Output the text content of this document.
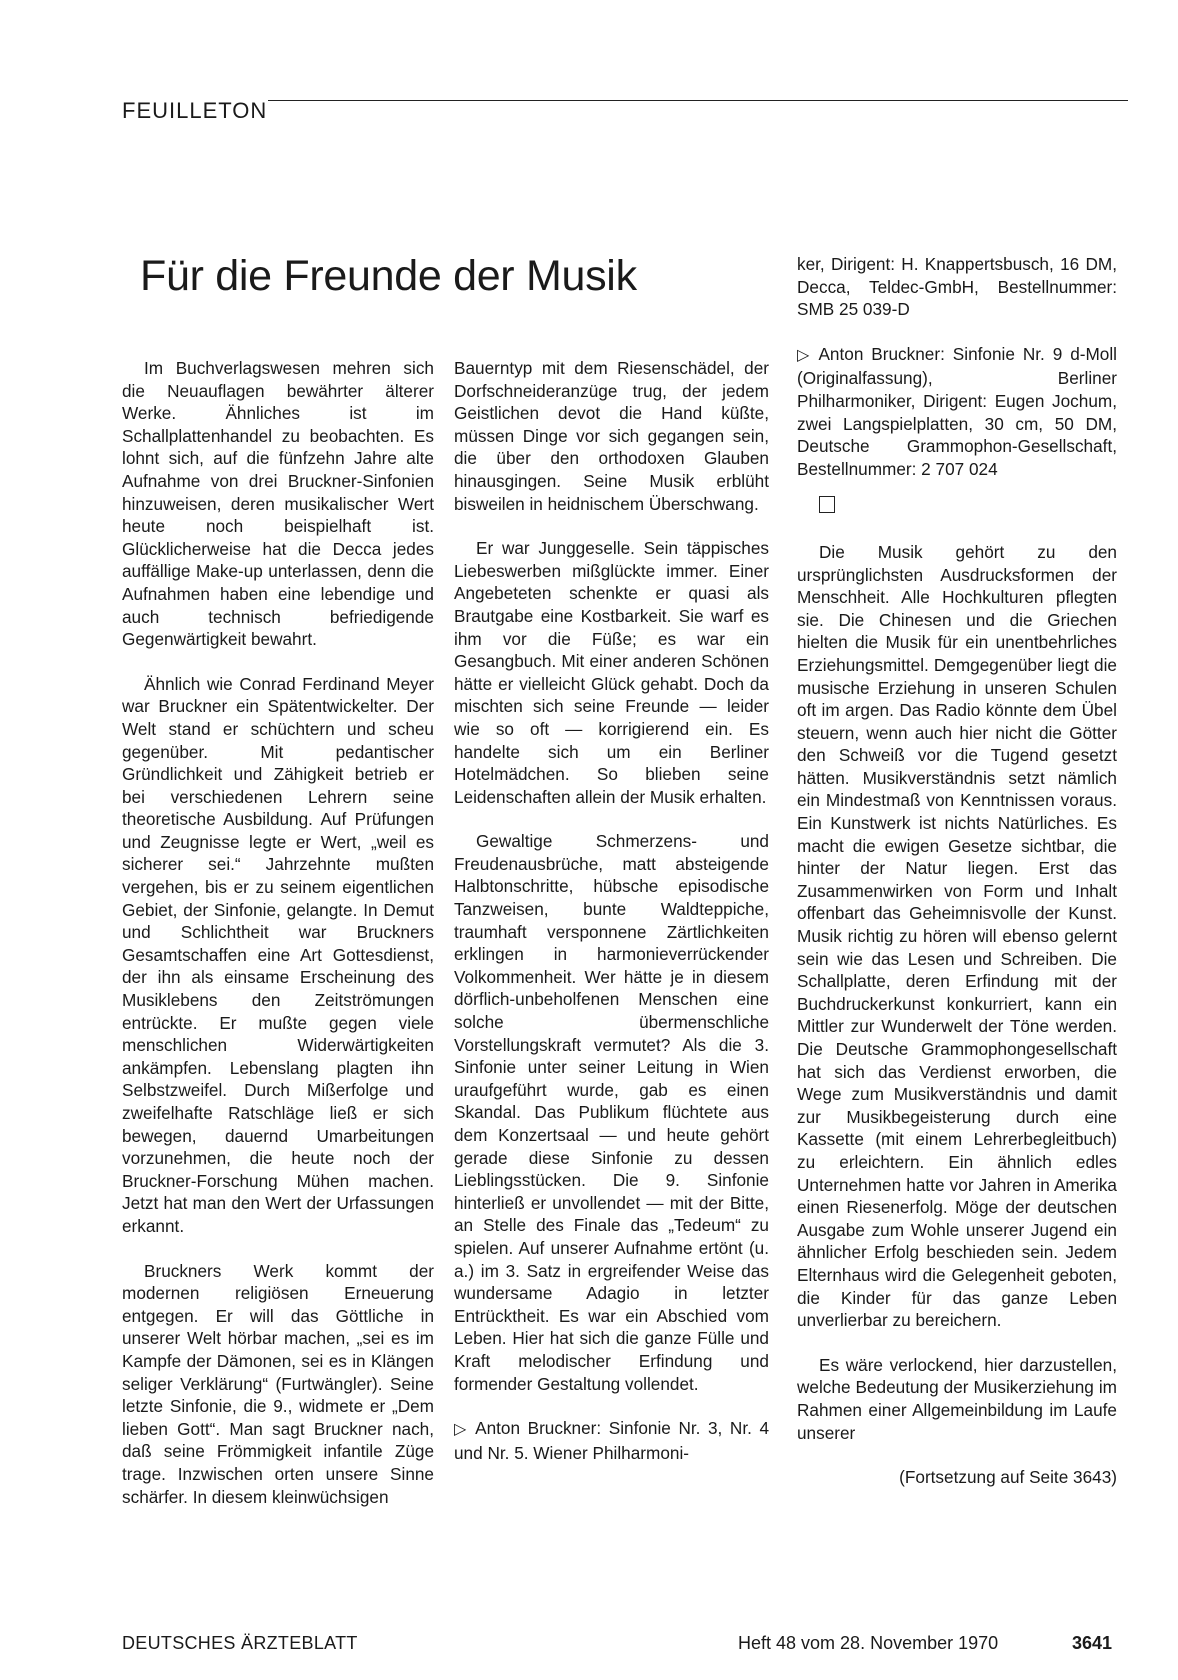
FEUILLETON
Für die Freunde der Musik

Im Buchverlagswesen mehren sich die Neuauflagen bewährter älterer Werke. Ähnliches ist im Schallplattenhandel zu beobachten. Es lohnt sich, auf die fünfzehn Jahre alte Aufnahme von drei Bruckner-Sinfonien hinzuweisen, deren musikalischer Wert heute noch beispielhaft ist. Glücklicherweise hat die Decca jedes auffällige Make-up unterlassen, denn die Aufnahmen haben eine lebendige und auch technisch befriedigende Gegenwärtigkeit bewahrt.

Ähnlich wie Conrad Ferdinand Meyer war Bruckner ein Spätentwickelter. Der Welt stand er schüchtern und scheu gegenüber. Mit pedantischer Gründlichkeit und Zähigkeit betrieb er bei verschiedenen Lehrern seine theoretische Ausbildung. Auf Prüfungen und Zeugnisse legte er Wert, „weil es sicherer sei.“ Jahrzehnte mußten vergehen, bis er zu seinem eigentlichen Gebiet, der Sinfonie, gelangte. In Demut und Schlichtheit war Bruckners Gesamtschaffen eine Art Gottesdienst, der ihn als einsame Erscheinung des Musiklebens den Zeitströmungen entrückte. Er mußte gegen viele menschlichen Widerwärtigkeiten ankämpfen. Lebenslang plagten ihn Selbstzweifel. Durch Mißerfolge und zweifelhafte Ratschläge ließ er sich bewegen, dauernd Umarbeitungen vorzunehmen, die heute noch der Bruckner-Forschung Mühen machen. Jetzt hat man den Wert der Urfassungen erkannt.

Bruckners Werk kommt der modernen religiösen Erneuerung entgegen. Er will das Göttliche in unserer Welt hörbar machen, „sei es im Kampfe der Dämonen, sei es in Klängen seliger Verklärung“ (Furtwängler). Seine letzte Sinfonie, die 9., widmete er „Dem lieben Gott“. Man sagt Bruckner nach, daß seine Frömmigkeit infantile Züge trage. Inzwischen orten unsere Sinne schärfer. In diesem kleinwüchsigen

Bauerntyp mit dem Riesenschädel, der Dorfschneideranzüge trug, der jedem Geistlichen devot die Hand küßte, müssen Dinge vor sich gegangen sein, die über den orthodoxen Glauben hinausgingen. Seine Musik erblüht bisweilen in heidnischem Überschwang.

Er war Junggeselle. Sein täppisches Liebeswerben mißglückte immer. Einer Angebeteten schenkte er quasi als Brautgabe eine Kostbarkeit. Sie warf es ihm vor die Füße; es war ein Gesangbuch. Mit einer anderen Schönen hätte er vielleicht Glück gehabt. Doch da mischten sich seine Freunde — leider wie so oft — korrigierend ein. Es handelte sich um ein Berliner Hotelmädchen. So blieben seine Leidenschaften allein der Musik erhalten.

Gewaltige Schmerzens- und Freudenausbrüche, matt absteigende Halbtonschritte, hübsche episodische Tanzweisen, bunte Waldteppiche, traumhaft versponnene Zärtlichkeiten erklingen in harmonieverrückender Volkommenheit. Wer hätte je in diesem dörflich-unbeholfenen Menschen eine solche übermenschliche Vorstellungskraft vermutet? Als die 3. Sinfonie unter seiner Leitung in Wien uraufgeführt wurde, gab es einen Skandal. Das Publikum flüchtete aus dem Konzertsaal — und heute gehört gerade diese Sinfonie zu dessen Lieblingsstücken. Die 9. Sinfonie hinterließ er unvollendet — mit der Bitte, an Stelle des Finale das „Tedeum“ zu spielen. Auf unserer Aufnahme ertönt (u. a.) im 3. Satz in ergreifender Weise das wundersame Adagio in letzter Entrücktheit. Es war ein Abschied vom Leben. Hier hat sich die ganze Fülle und Kraft melodischer Erfindung und formender Gestaltung vollendet.

▷ Anton Bruckner: Sinfonie Nr. 3, Nr. 4 und Nr. 5. Wiener Philharmoni-

ker, Dirigent: H. Knappertsbusch, 16 DM, Decca, Teldec-GmbH, Bestellnummer: SMB 25 039-D

▷ Anton Bruckner: Sinfonie Nr. 9 d-Moll (Originalfassung), Berliner Philharmoniker, Dirigent: Eugen Jochum, zwei Langspielplatten, 30 cm, 50 DM, Deutsche Grammophon-Gesellschaft, Bestellnummer: 2 707 024

Die Musik gehört zu den ursprünglichsten Ausdrucksformen der Menschheit. Alle Hochkulturen pflegten sie. Die Chinesen und die Griechen hielten die Musik für ein unentbehrliches Erziehungsmittel. Demgegenüber liegt die musische Erziehung in unseren Schulen oft im argen. Das Radio könnte dem Übel steuern, wenn auch hier nicht die Götter den Schweiß vor die Tugend gesetzt hätten. Musikverständnis setzt nämlich ein Mindestmaß von Kenntnissen voraus. Ein Kunstwerk ist nichts Natürliches. Es macht die ewigen Gesetze sichtbar, die hinter der Natur liegen. Erst das Zusammenwirken von Form und Inhalt offenbart das Geheimnisvolle der Kunst. Musik richtig zu hören will ebenso gelernt sein wie das Lesen und Schreiben. Die Schallplatte, deren Erfindung mit der Buchdruckerkunst konkurriert, kann ein Mittler zur Wunderwelt der Töne werden. Die Deutsche Grammophongesellschaft hat sich das Verdienst erworben, die Wege zum Musikverständnis und damit zur Musikbegeisterung durch eine Kassette (mit einem Lehrerbegleitbuch) zu erleichtern. Ein ähnlich edles Unternehmen hatte vor Jahren in Amerika einen Riesenerfolg. Möge der deutschen Ausgabe zum Wohle unserer Jugend ein ähnlicher Erfolg beschieden sein. Jedem Elternhaus wird die Gelegenheit geboten, die Kinder für das ganze Leben unverlierbar zu bereichern.

Es wäre verlockend, hier darzustellen, welche Bedeutung der Musikerziehung im Rahmen einer Allgemeinbildung im Laufe unserer

(Fortsetzung auf Seite 3643)

DEUTSCHES ÄRZTEBLATT	Heft 48 vom 28. November 1970	3641
